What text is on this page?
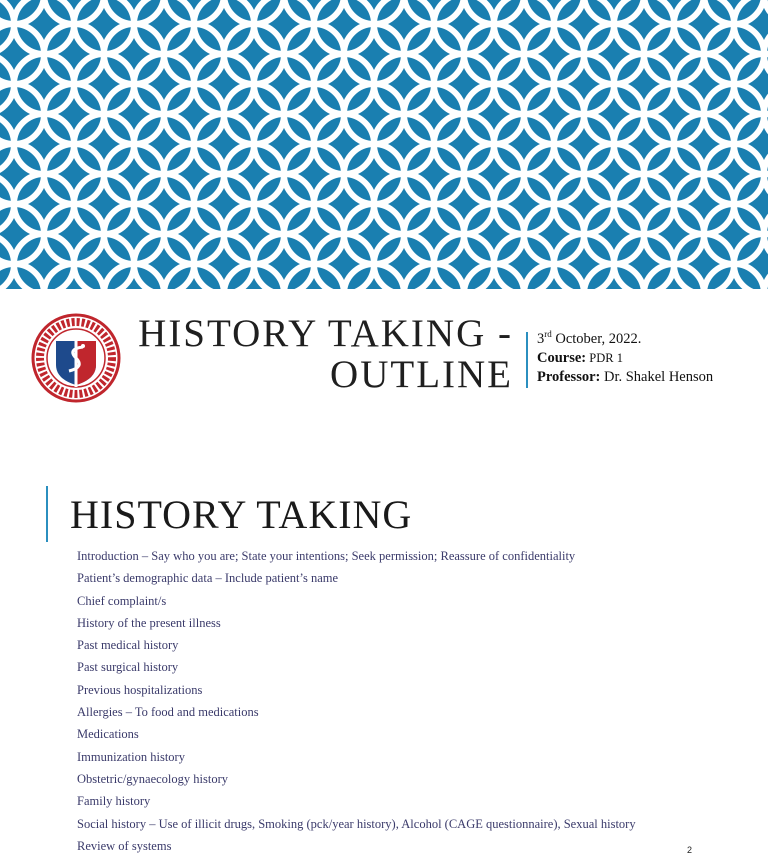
HISTORY TAKING -
OUTLINE
3rd October, 2022.
Course: PDR 1
Professor: Dr. Shakel Henson
HISTORY TAKING
Introduction – Say who you are; State your intentions; Seek permission; Reassure of confidentiality
Patient’s demographic data – Include patient’s name
Chief complaint/s
History of the present illness
Past medical history
Past surgical history
Previous hospitalizations
Allergies – To food and medications
Medications
Immunization history
Obstetric/gynaecology history
Family history
Social history – Use of illicit drugs, Smoking (pck/year history), Alcohol (CAGE questionnaire), Sexual history
Review of systems	2
